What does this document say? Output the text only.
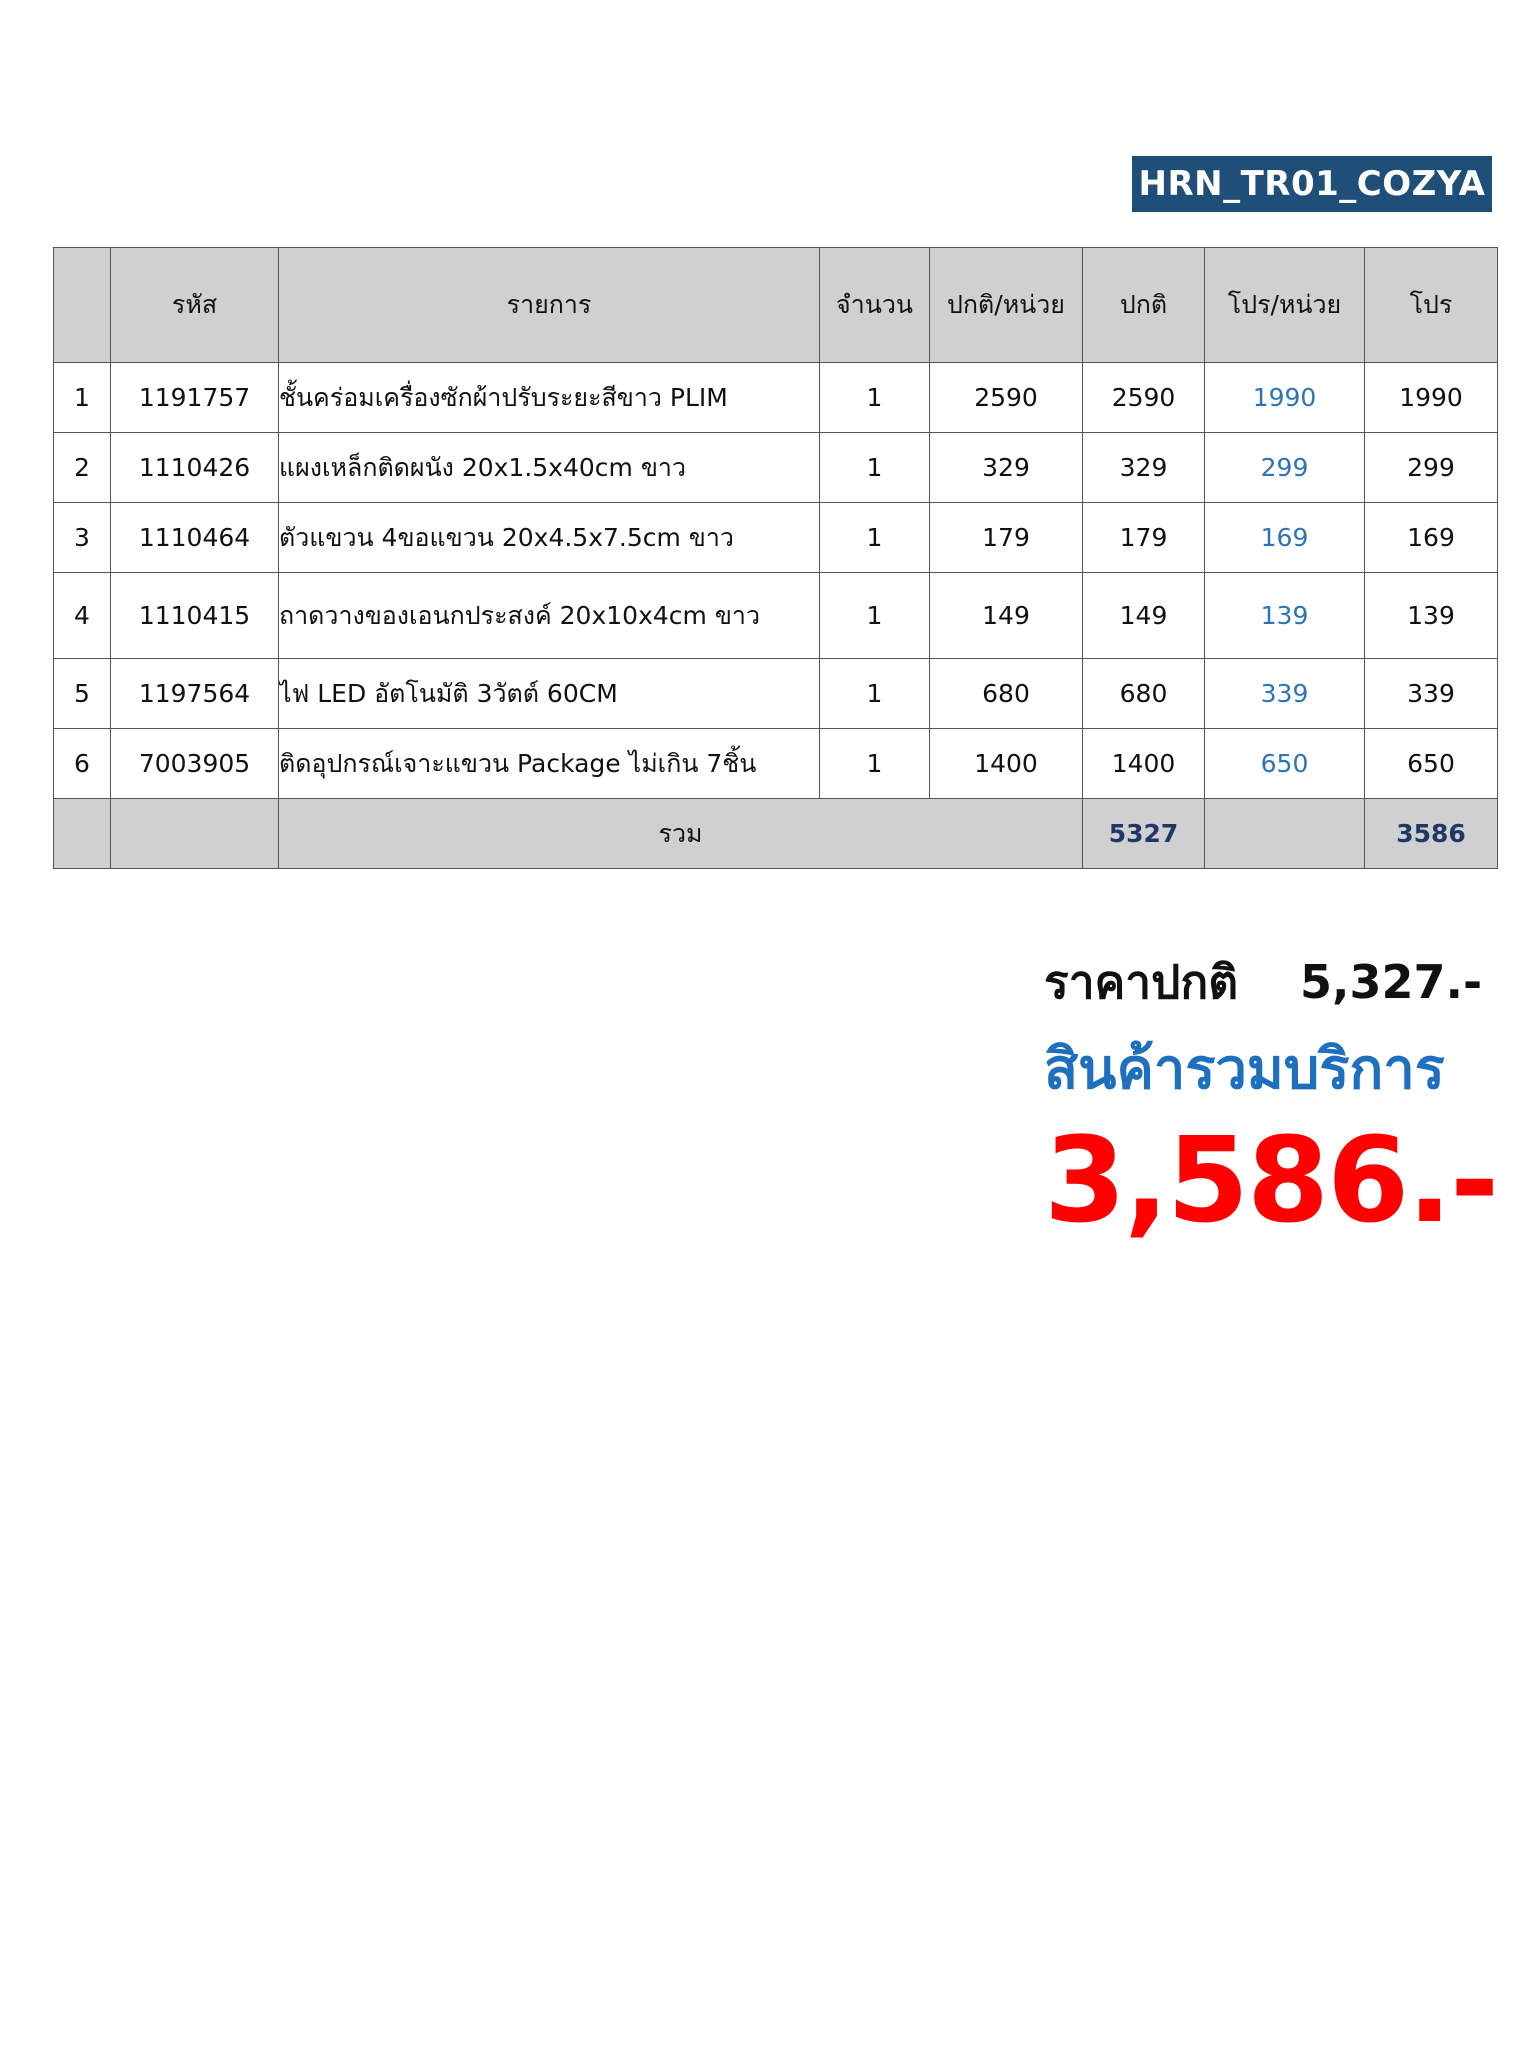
HRN_TR01_COZYA
	รหัส	รายการ	จำนวน	ปกติ/หน่วย	ปกติ	โปร/หน่วย	โปร
1	1191757	ชั้นคร่อมเครื่องซักผ้าปรับระยะสีขาว PLIM	1	2590	2590	1990	1990
2	1110426	แผงเหล็กติดผนัง 20x1.5x40cm ขาว	1	329	329	299	299
3	1110464	ตัวแขวน 4ขอแขวน 20x4.5x7.5cm ขาว	1	179	179	169	169
4	1110415	ถาดวางของเอนกประสงค์ 20x10x4cm ขาว	1	149	149	139	139
5	1197564	ไฟ LED อัตโนมัติ 3วัตต์ 60CM	1	680	680	339	339
6	7003905	ติดอุปกรณ์เจาะแขวน Package ไม่เกิน 7ชิ้น	1	1400	1400	650	650
		รวม			5327		3586
ราคาปกติ 5,327.-
สินค้ารวมบริการ
3,586.-
